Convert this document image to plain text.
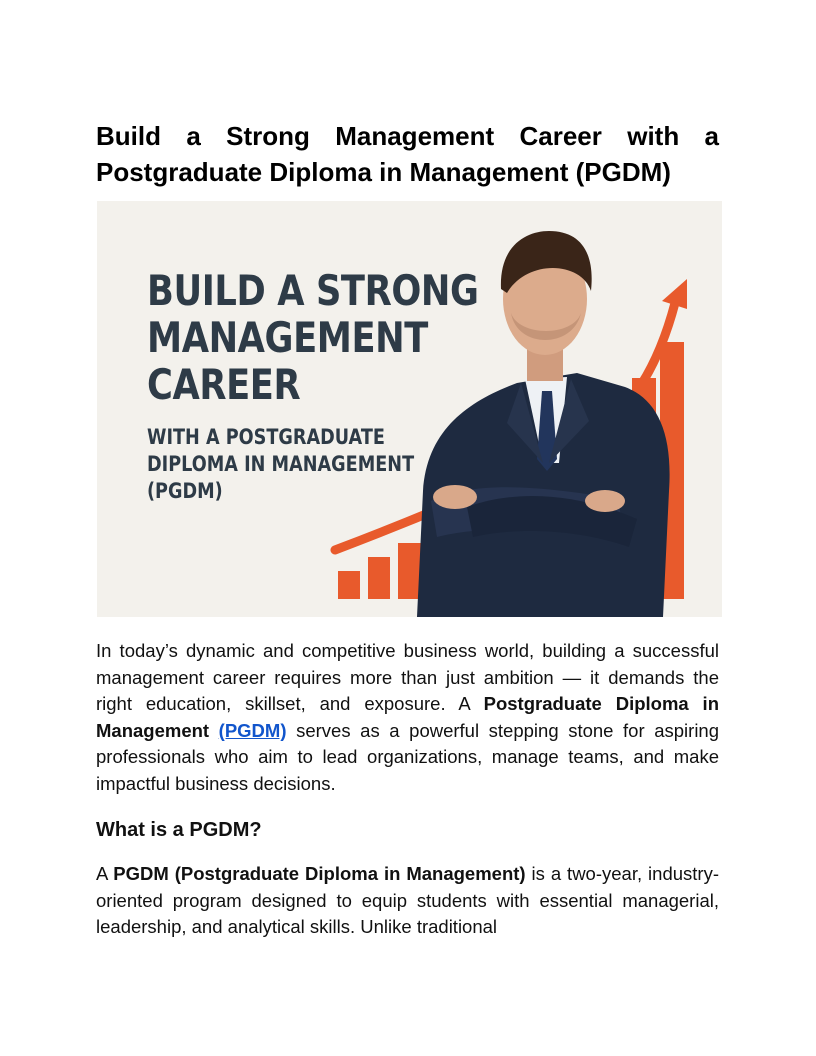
Build a Strong Management Career with a Postgraduate Diploma in Management (PGDM)
BUILD A STRONG
MANAGEMENT
CAREER
WITH A POSTGRADUATE
DIPLOMA IN MANAGEMENT
(PGDM)

In today’s dynamic and competitive business world, building a successful management career requires more than just ambition — it demands the right education, skillset, and exposure. A Postgraduate Diploma in Management (PGDM) serves as a powerful stepping stone for aspiring professionals who aim to lead organizations, manage teams, and make impactful business decisions.

What is a PGDM?

A PGDM (Postgraduate Diploma in Management) is a two-year, industry-oriented program designed to equip students with essential managerial, leadership, and analytical skills. Unlike traditional
